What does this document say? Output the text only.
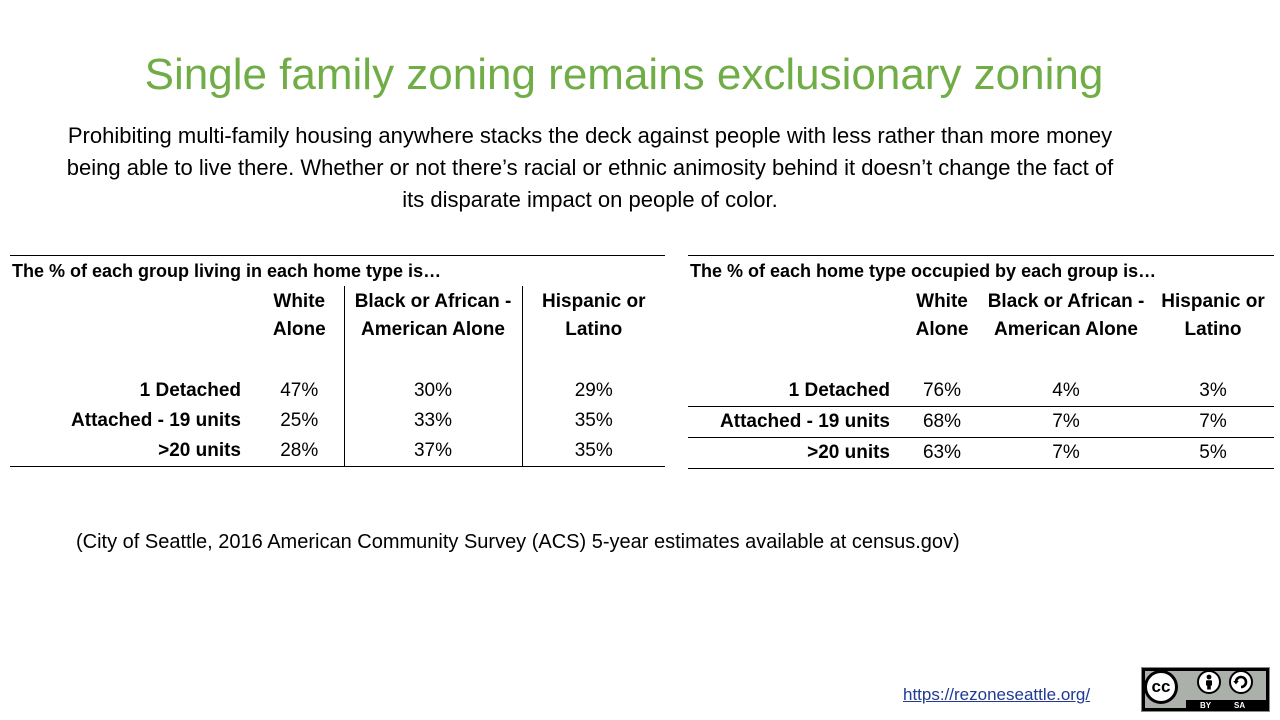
Single family zoning remains exclusionary zoning
Prohibiting multi-family housing anywhere stacks the deck against people with less rather than more money being able to live there. Whether or not there’s racial or ethnic animosity behind it doesn’t change the fact of its disparate impact on people of color.
The % of each group living in each home type is…			
	White Alone	Black or African -American Alone	Hispanic or Latino

1 Detached	47%	30%	29%
Attached - 19 units	25%	33%	35%
>20 units	28%	37%	35%
The % of each home type occupied by each group is…			
	White Alone	Black or African -American Alone	Hispanic or Latino

1 Detached	76%	4%	3%
Attached - 19 units	68%	7%	7%
>20 units	63%	7%	5%
(City of Seattle, 2016 American Community Survey (ACS) 5-year estimates available at census.gov)
https://rezoneseattle.org/	cc
BY	SA
